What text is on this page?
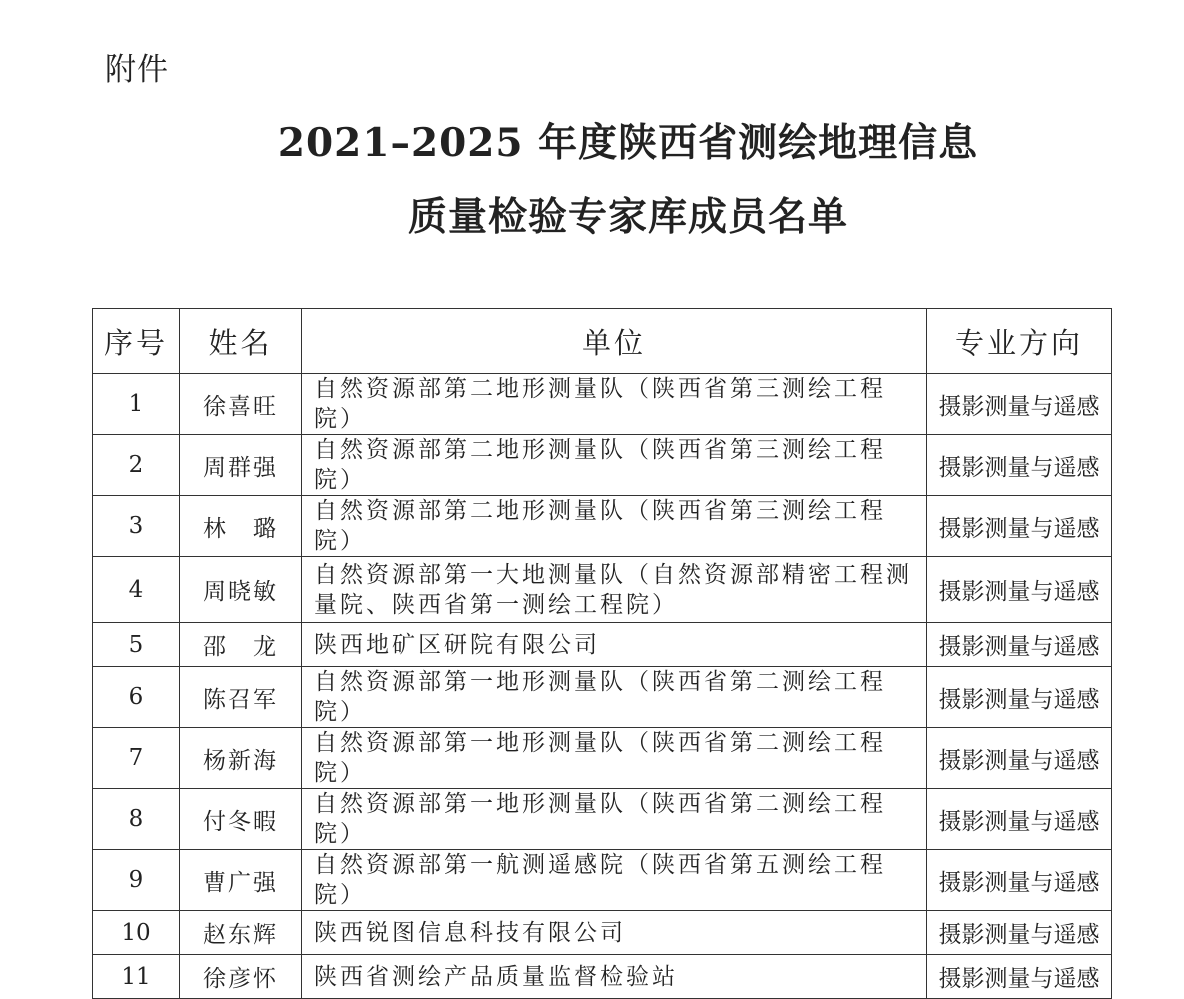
附件
2021–2025 年度陕西省测绘地理信息
质量检验专家库成员名单
序号	姓名	单位	专业方向
1	徐喜旺	自然资源部第二地形测量队（陕西省第三测绘工程院）	摄影测量与遥感
2	周群强	自然资源部第二地形测量队（陕西省第三测绘工程院）	摄影测量与遥感
3	林　璐	自然资源部第二地形测量队（陕西省第三测绘工程院）	摄影测量与遥感
4	周晓敏	自然资源部第一大地测量队（自然资源部精密工程测量院、陕西省第一测绘工程院）	摄影测量与遥感
5	邵　龙	陕西地矿区研院有限公司	摄影测量与遥感
6	陈召军	自然资源部第一地形测量队（陕西省第二测绘工程院）	摄影测量与遥感
7	杨新海	自然资源部第一地形测量队（陕西省第二测绘工程院）	摄影测量与遥感
8	付冬暇	自然资源部第一地形测量队（陕西省第二测绘工程院）	摄影测量与遥感
9	曹广强	自然资源部第一航测遥感院（陕西省第五测绘工程院）	摄影测量与遥感
10	赵东辉	陕西锐图信息科技有限公司	摄影测量与遥感
11	徐彦怀	陕西省测绘产品质量监督检验站	摄影测量与遥感
